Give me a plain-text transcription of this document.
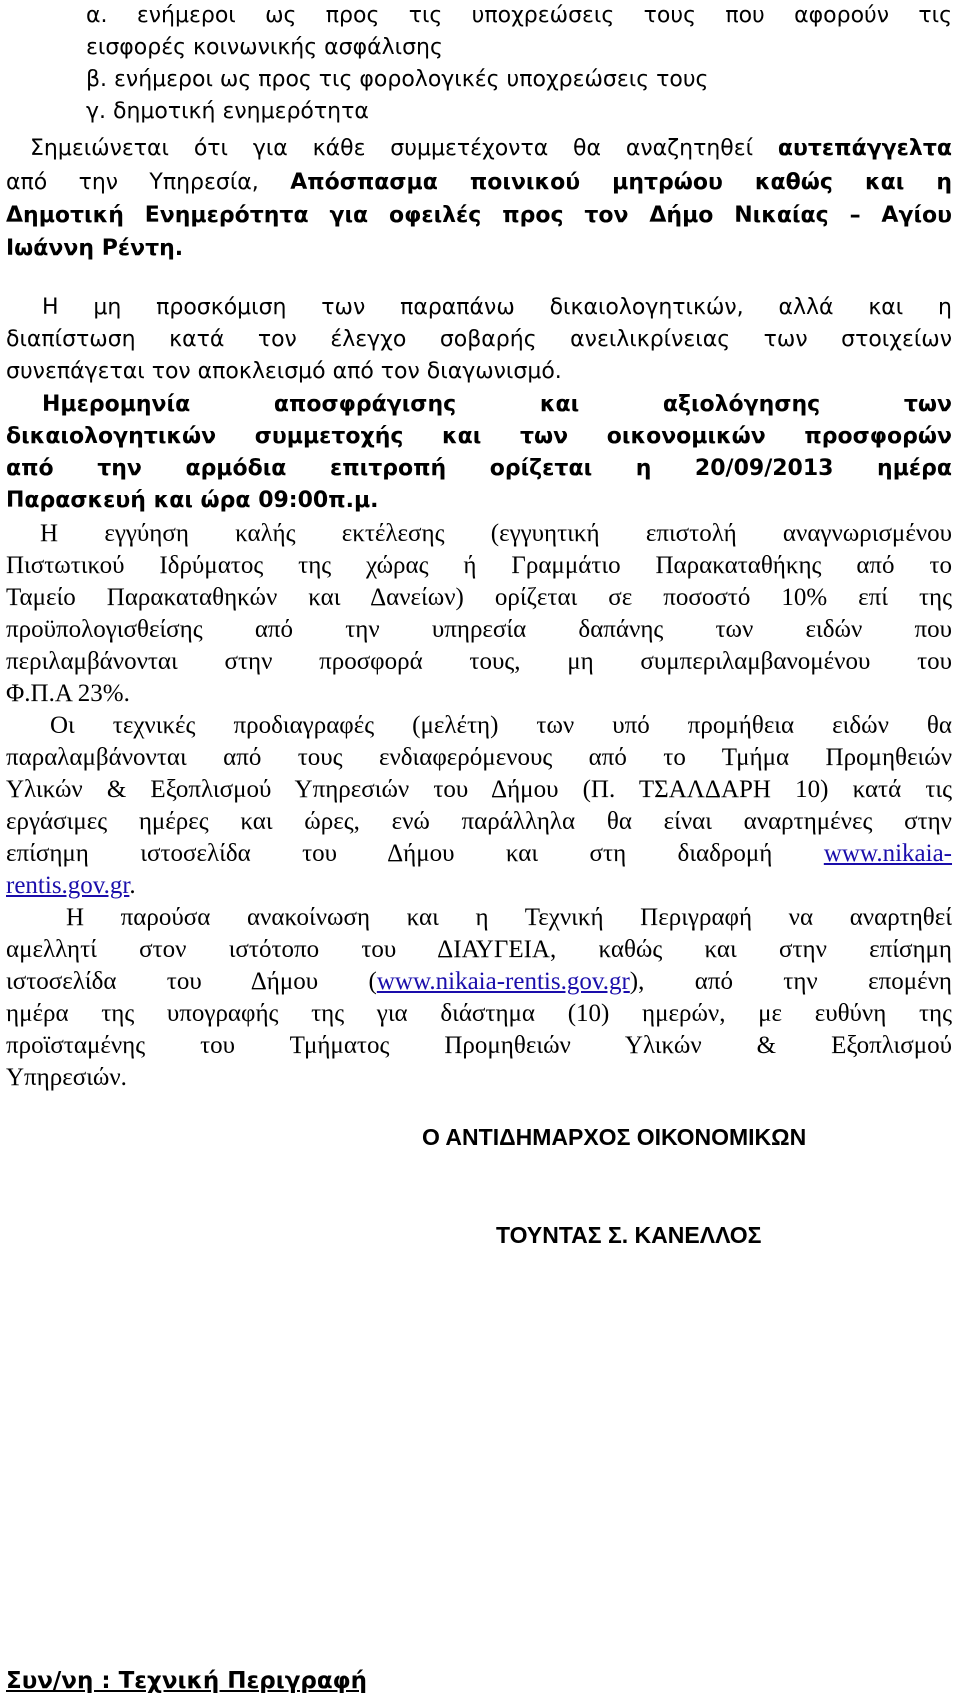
α. ενήμεροι ως προς τις υποχρεώσεις τους που αφορούν τις
εισφορές κοινωνικής ασφάλισης
β. ενήμεροι ως προς τις φορολογικές υποχρεώσεις τους
γ. δημοτική ενημερότητα
Σημειώνεται ότι για κάθε συμμετέχοντα θα αναζητηθεί αυτεπάγγελτα
από την Υπηρεσία, Απόσπασμα ποινικού μητρώου καθώς και η
Δημοτική Ενημερότητα για οφειλές προς τον Δήμο Νικαίας – Αγίου
Ιωάννη Ρέντη.
Η μη προσκόμιση των παραπάνω δικαιολογητικών, αλλά και η
διαπίστωση κατά τον έλεγχο σοβαρής ανειλικρίνειας των στοιχείων
συνεπάγεται τον αποκλεισμό από τον διαγωνισμό.
Ημερομηνία αποσφράγισης και αξιολόγησης των
δικαιολογητικών συμμετοχής και των οικονομικών προσφορών
από την αρμόδια επιτροπή ορίζεται η 20/09/2013 ημέρα
Παρασκευή και ώρα 09:00π.μ.
Η εγγύηση καλής εκτέλεσης (εγγυητική επιστολή αναγνωρισμένου
Πιστωτικού Ιδρύματος της χώρας ή Γραμμάτιο Παρακαταθήκης από το
Ταμείο Παρακαταθηκών και Δανείων) ορίζεται σε ποσοστό 10% επί της
προϋπολογισθείσης από την υπηρεσία δαπάνης των ειδών που
περιλαμβάνονται στην προσφορά τους, μη συμπεριλαμβανομένου του
Φ.Π.Α 23%.
Οι τεχνικές προδιαγραφές (μελέτη) των υπό προμήθεια ειδών θα
παραλαμβάνονται από τους ενδιαφερόμενους από το Τμήμα Προμηθειών
Υλικών & Εξοπλισμού Υπηρεσιών του Δήμου (Π. ΤΣΑΛΔΑΡΗ 10) κατά τις
εργάσιμες ημέρες και ώρες, ενώ παράλληλα θα είναι αναρτημένες στην
επίσημη ιστοσελίδα του Δήμου και στη διαδρομή www.nikaia-
rentis.gov.gr.
Η παρούσα ανακοίνωση και η Τεχνική Περιγραφή να αναρτηθεί
αμελλητί στον ιστότοπο του ΔΙΑΥΓΕΙΑ, καθώς και στην επίσημη
ιστοσελίδα του Δήμου (www.nikaia-rentis.gov.gr), από την επομένη
ημέρα της υπογραφής της για διάστημα (10) ημερών, με ευθύνη της
προϊσταμένης του Τμήματος Προμηθειών Υλικών & Εξοπλισμού
Υπηρεσιών.
Ο ΑΝΤΙΔΗΜΑΡΧΟΣ ΟΙΚΟΝΟΜΙΚΩΝ
ΤΟΥΝΤΑΣ Σ. ΚΑΝΕΛΛΟΣ
Συν/νη : Τεχνική Περιγραφή
